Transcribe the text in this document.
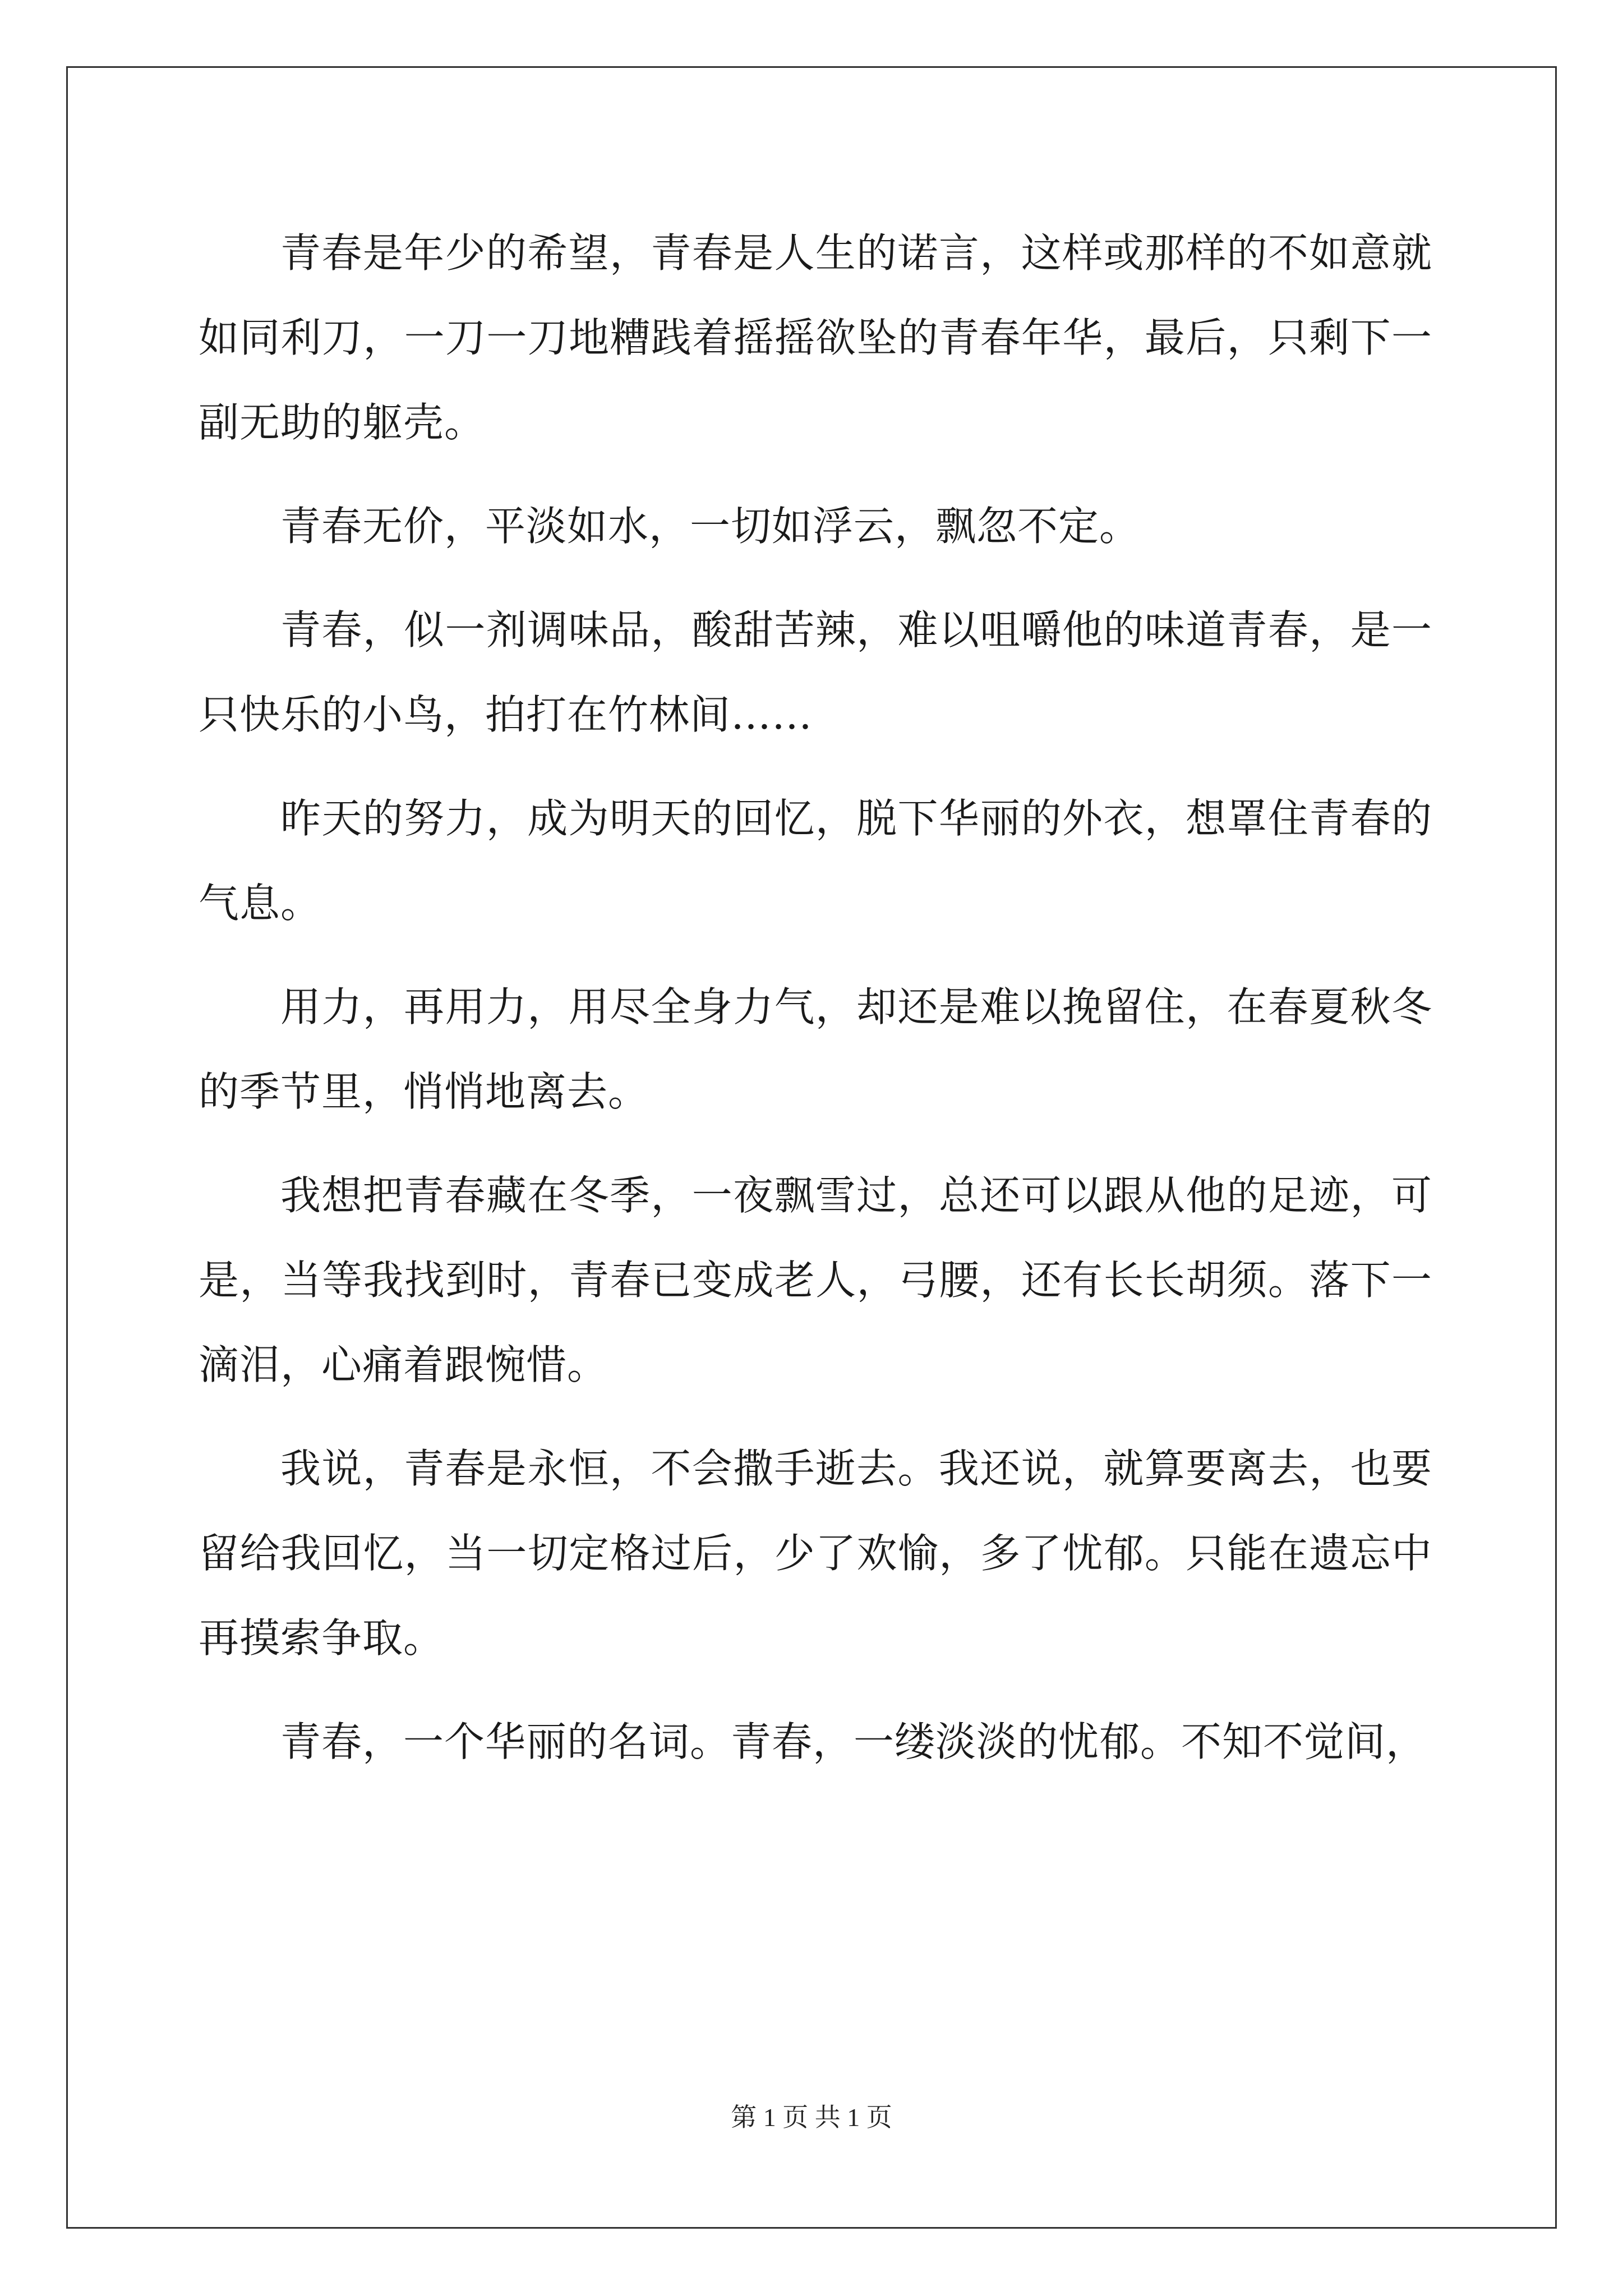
青春是年少的希望，青春是人生的诺言，这样或那样的不如意就如同利刀，一刀一刀地糟践着摇摇欲坠的青春年华，最后，只剩下一副无助的躯壳。

青春无价，平淡如水，一切如浮云，飘忽不定。

青春，似一剂调味品，酸甜苦辣，难以咀嚼他的味道青春，是一只快乐的小鸟，拍打在竹林间……

昨天的努力，成为明天的回忆，脱下华丽的外衣，想罩住青春的气息。

用力，再用力，用尽全身力气，却还是难以挽留住，在春夏秋冬的季节里，悄悄地离去。

我想把青春藏在冬季，一夜飘雪过，总还可以跟从他的足迹，可是，当等我找到时，青春已变成老人，弓腰，还有长长胡须。落下一滴泪，心痛着跟惋惜。

我说，青春是永恒，不会撒手逝去。我还说，就算要离去，也要留给我回忆，当一切定格过后，少了欢愉，多了忧郁。只能在遗忘中再摸索争取。

青春，一个华丽的名词。青春，一缕淡淡的忧郁。不知不觉间，

第 1 页 共 1 页
